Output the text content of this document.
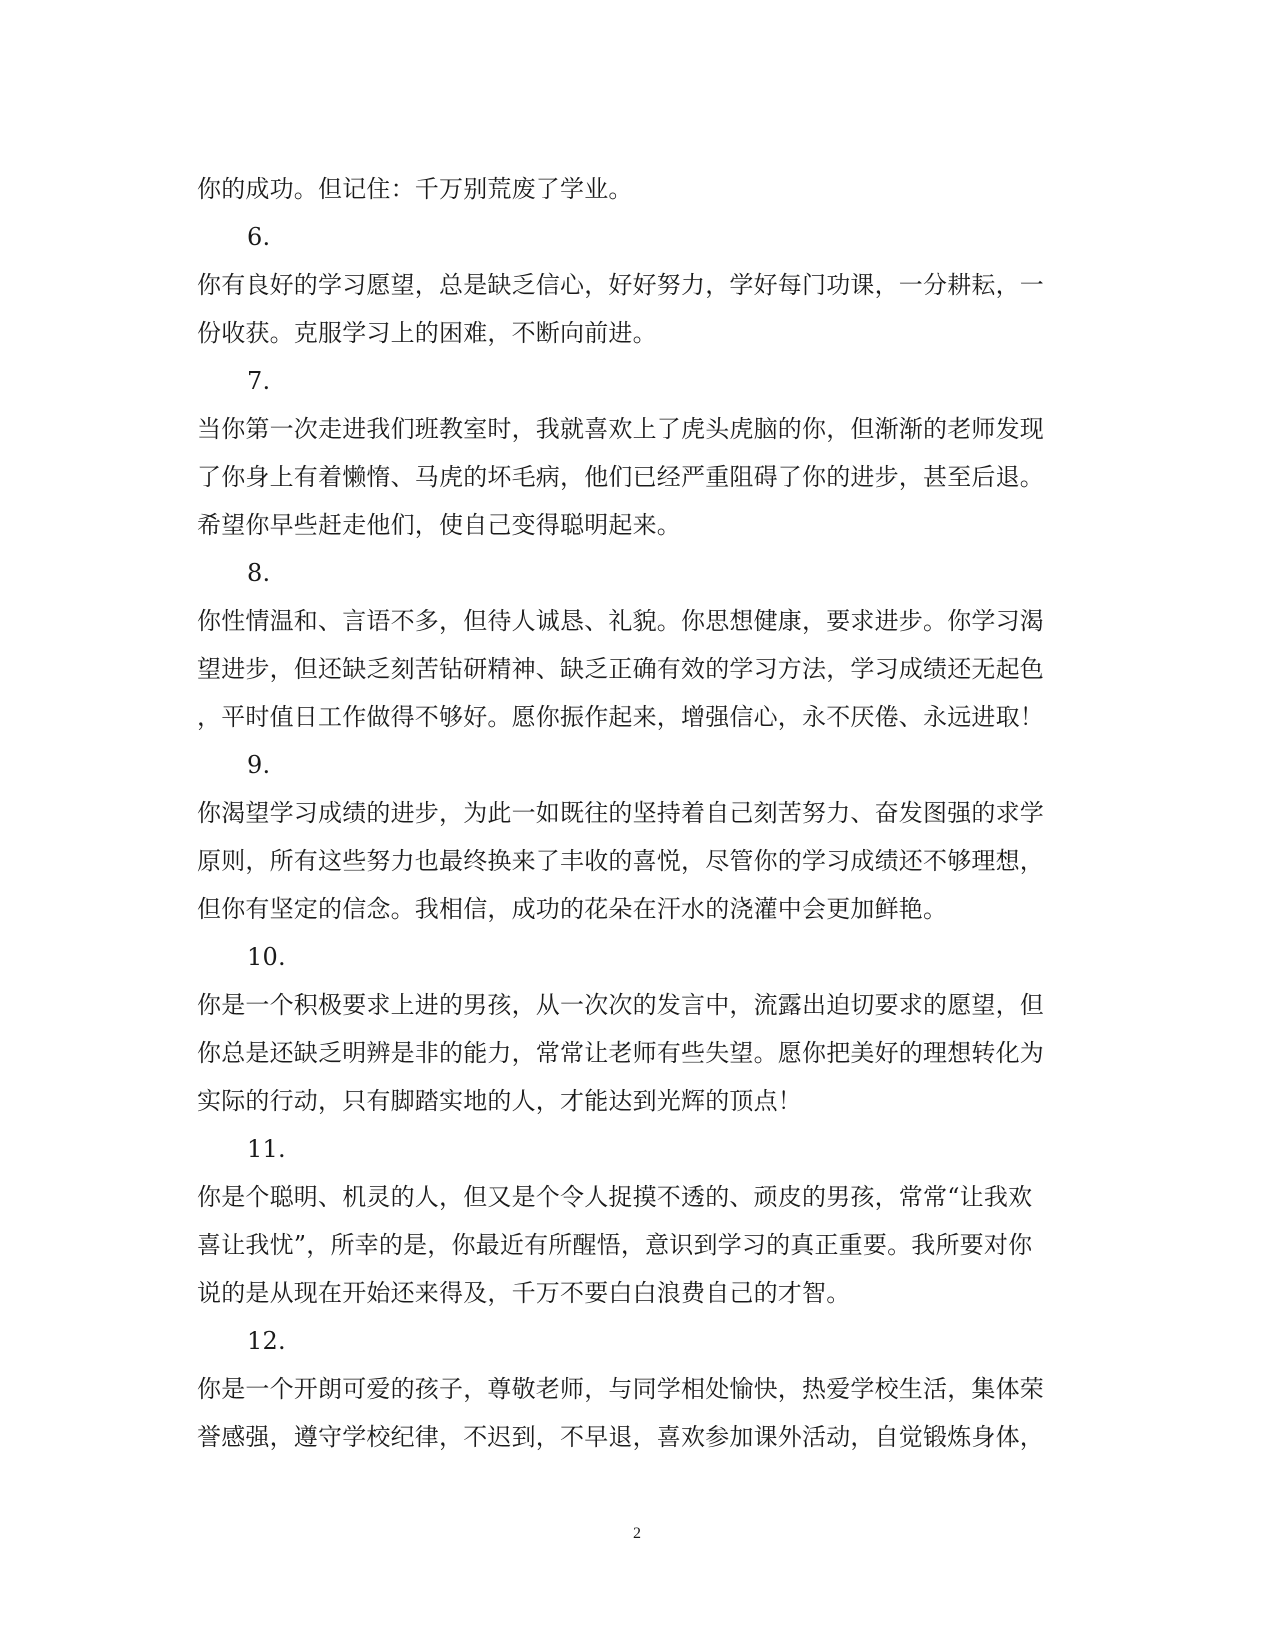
你的成功。但记住：千万别荒废了学业。
6.
你有良好的学习愿望，总是缺乏信心，好好努力，学好每门功课，一分耕耘，一
份收获。克服学习上的困难，不断向前进。
7.
当你第一次走进我们班教室时，我就喜欢上了虎头虎脑的你，但渐渐的老师发现
了你身上有着懒惰、马虎的坏毛病，他们已经严重阻碍了你的进步，甚至后退。
希望你早些赶走他们，使自己变得聪明起来。
8.
你性情温和、言语不多，但待人诚恳、礼貌。你思想健康，要求进步。你学习渴
望进步，但还缺乏刻苦钻研精神、缺乏正确有效的学习方法，学习成绩还无起色
，平时值日工作做得不够好。愿你振作起来，增强信心，永不厌倦、永远进取！
9.
你渴望学习成绩的进步，为此一如既往的坚持着自己刻苦努力、奋发图强的求学
原则，所有这些努力也最终换来了丰收的喜悦，尽管你的学习成绩还不够理想，
但你有坚定的信念。我相信，成功的花朵在汗水的浇灌中会更加鲜艳。
10.
你是一个积极要求上进的男孩，从一次次的发言中，流露出迫切要求的愿望，但
你总是还缺乏明辨是非的能力，常常让老师有些失望。愿你把美好的理想转化为
实际的行动，只有脚踏实地的人，才能达到光辉的顶点！
11.
你是个聪明、机灵的人，但又是个令人捉摸不透的、顽皮的男孩，常常“让我欢
喜让我忧”，所幸的是，你最近有所醒悟，意识到学习的真正重要。我所要对你
说的是从现在开始还来得及，千万不要白白浪费自己的才智。
12.
你是一个开朗可爱的孩子，尊敬老师，与同学相处愉快，热爱学校生活，集体荣
誉感强，遵守学校纪律，不迟到，不早退，喜欢参加课外活动，自觉锻炼身体，
2
